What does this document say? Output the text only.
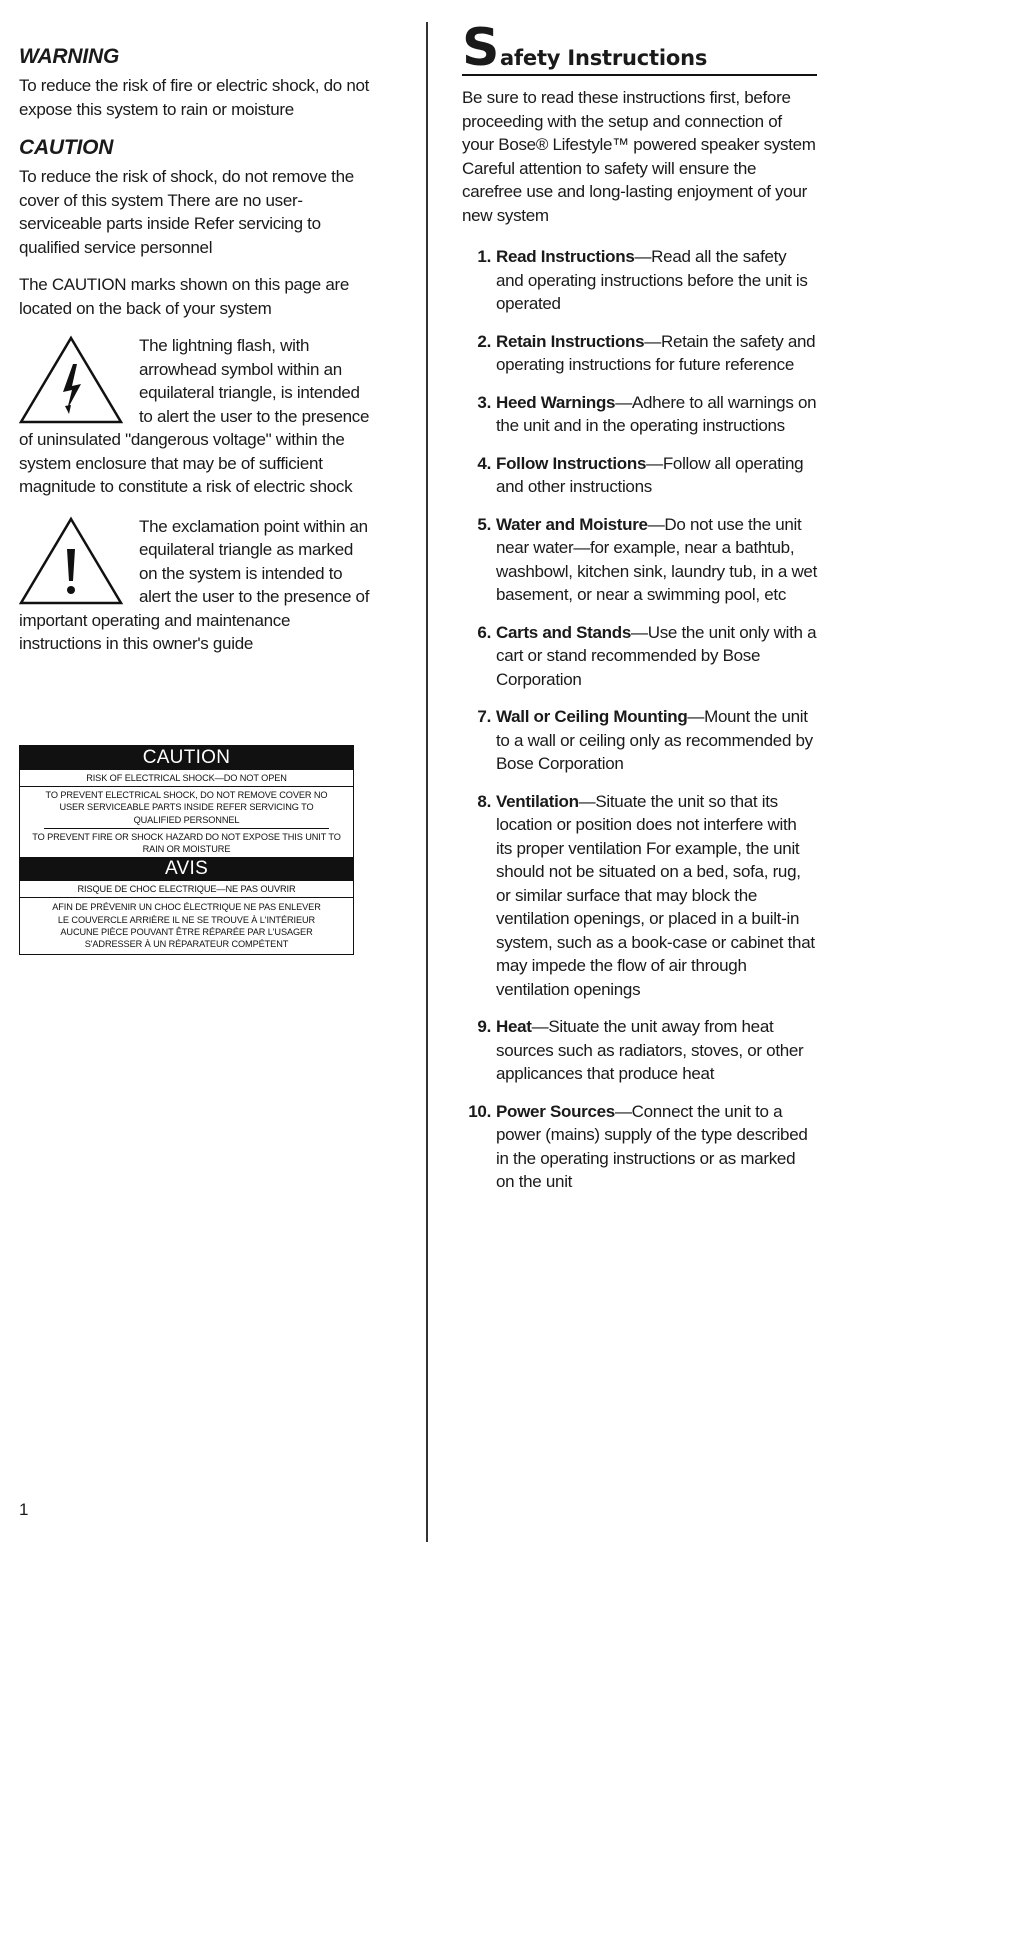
WARNING

To reduce the risk of fire or electric shock, do not expose this system to rain or moisture

CAUTION

To reduce the risk of shock, do not remove the cover of this system There are no user-serviceable parts inside Refer servicing to qualified service personnel

The CAUTION marks shown on this page are located on the back of your system

The lightning flash, with arrowhead symbol within an equilateral triangle, is intended to alert the user to the presence of uninsulated "dangerous voltage" within the system enclosure that may be of sufficient magnitude to constitute a risk of electric shock
The exclamation point within an equilateral triangle as marked on the system is intended to alert the user to the presence of important operating and maintenance instructions in this owner's guide
CAUTION
RISK OF ELECTRICAL SHOCK—DO NOT OPEN
TO PREVENT ELECTRICAL SHOCK, DO NOT REMOVE COVER NO USER SERVICEABLE PARTS INSIDE REFER SERVICING TO QUALIFIED PERSONNEL
TO PREVENT FIRE OR SHOCK HAZARD DO NOT EXPOSE THIS UNIT TO RAIN OR MOISTURE
AVIS
RISQUE DE CHOC ELECTRIQUE—NE PAS OUVRIR
AFIN DE PRÉVENIR UN CHOC ÉLECTRIQUE NE PAS ENLEVER LE COUVERCLE ARRIÈRE IL NE SE TROUVE À L'INTÉRIEUR AUCUNE PIÈCE POUVANT ÊTRE RÉPARÉE PAR L'USAGER S'ADRESSER À UN RÉPARATEUR COMPÉTENT
1
S afety Instructions

Be sure to read these instructions first, before proceeding with the setup and connection of your Bose® Lifestyle™ powered speaker system Careful attention to safety will ensure the carefree use and long-lasting enjoyment of your new system

1. Read Instructions—Read all the safety and operating instructions before the unit is operated
2. Retain Instructions—Retain the safety and operating instructions for future reference
3. Heed Warnings—Adhere to all warnings on the unit and in the operating instructions
4. Follow Instructions—Follow all operating and other instructions
5. Water and Moisture—Do not use the unit near water—for example, near a bathtub, washbowl, kitchen sink, laundry tub, in a wet basement, or near a swimming pool, etc
6. Carts and Stands—Use the unit only with a cart or stand recommended by Bose Corporation
7. Wall or Ceiling Mounting—Mount the unit to a wall or ceiling only as recommended by Bose Corporation
8. Ventilation—Situate the unit so that its location or position does not interfere with its proper ventilation For example, the unit should not be situated on a bed, sofa, rug, or similar surface that may block the ventilation openings, or placed in a built-in system, such as a book-case or cabinet that may impede the flow of air through ventilation openings
9. Heat—Situate the unit away from heat sources such as radiators, stoves, or other applicances that produce heat
10. Power Sources—Connect the unit to a power (mains) supply of the type described in the operating instructions or as marked on the unit
